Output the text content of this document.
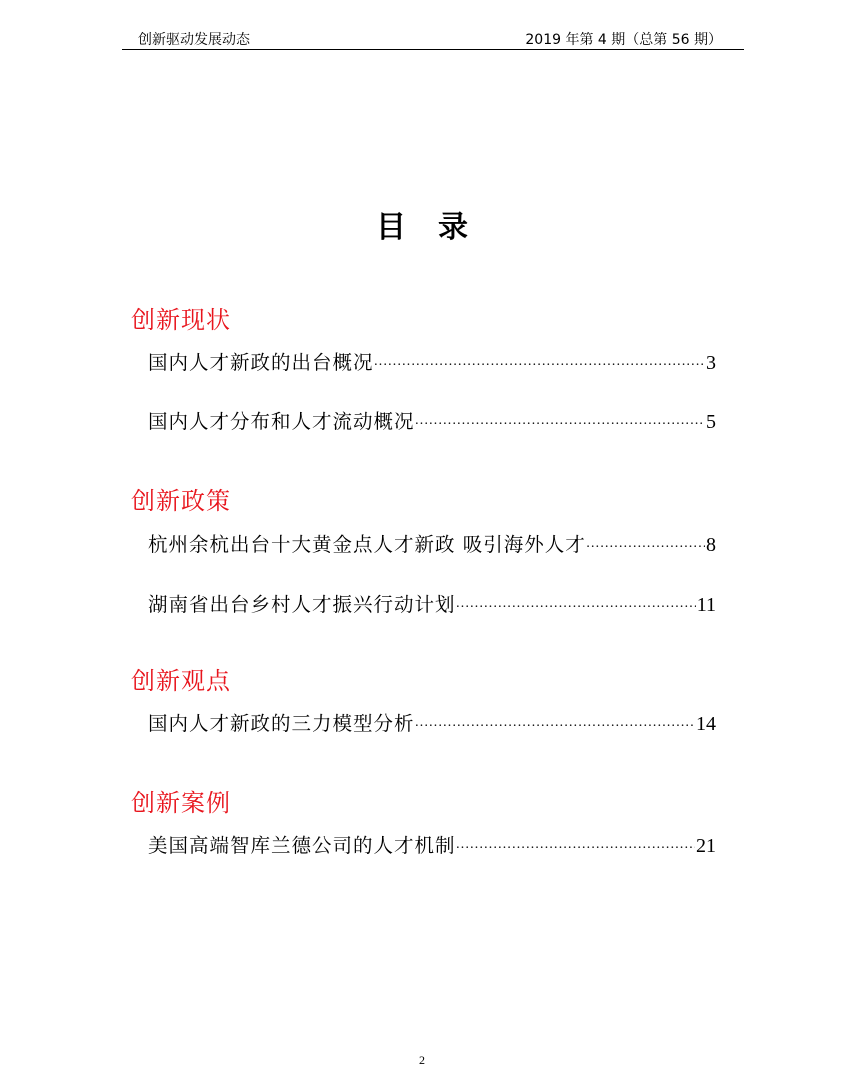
创新驱动发展动态	2019 年第 4 期（总第 56 期）
目录
创新现状
国内人才新政的出台概况 ·····	3
国内人才分布和人才流动概况 ·····	5
创新政策
杭州余杭出台十大黄金点人才新政 吸引海外人才 ·····	8
湖南省出台乡村人才振兴行动计划 ·····	11
创新观点
国内人才新政的三力模型分析 ·····	14
创新案例
美国高端智库兰德公司的人才机制 ·····	21
2
